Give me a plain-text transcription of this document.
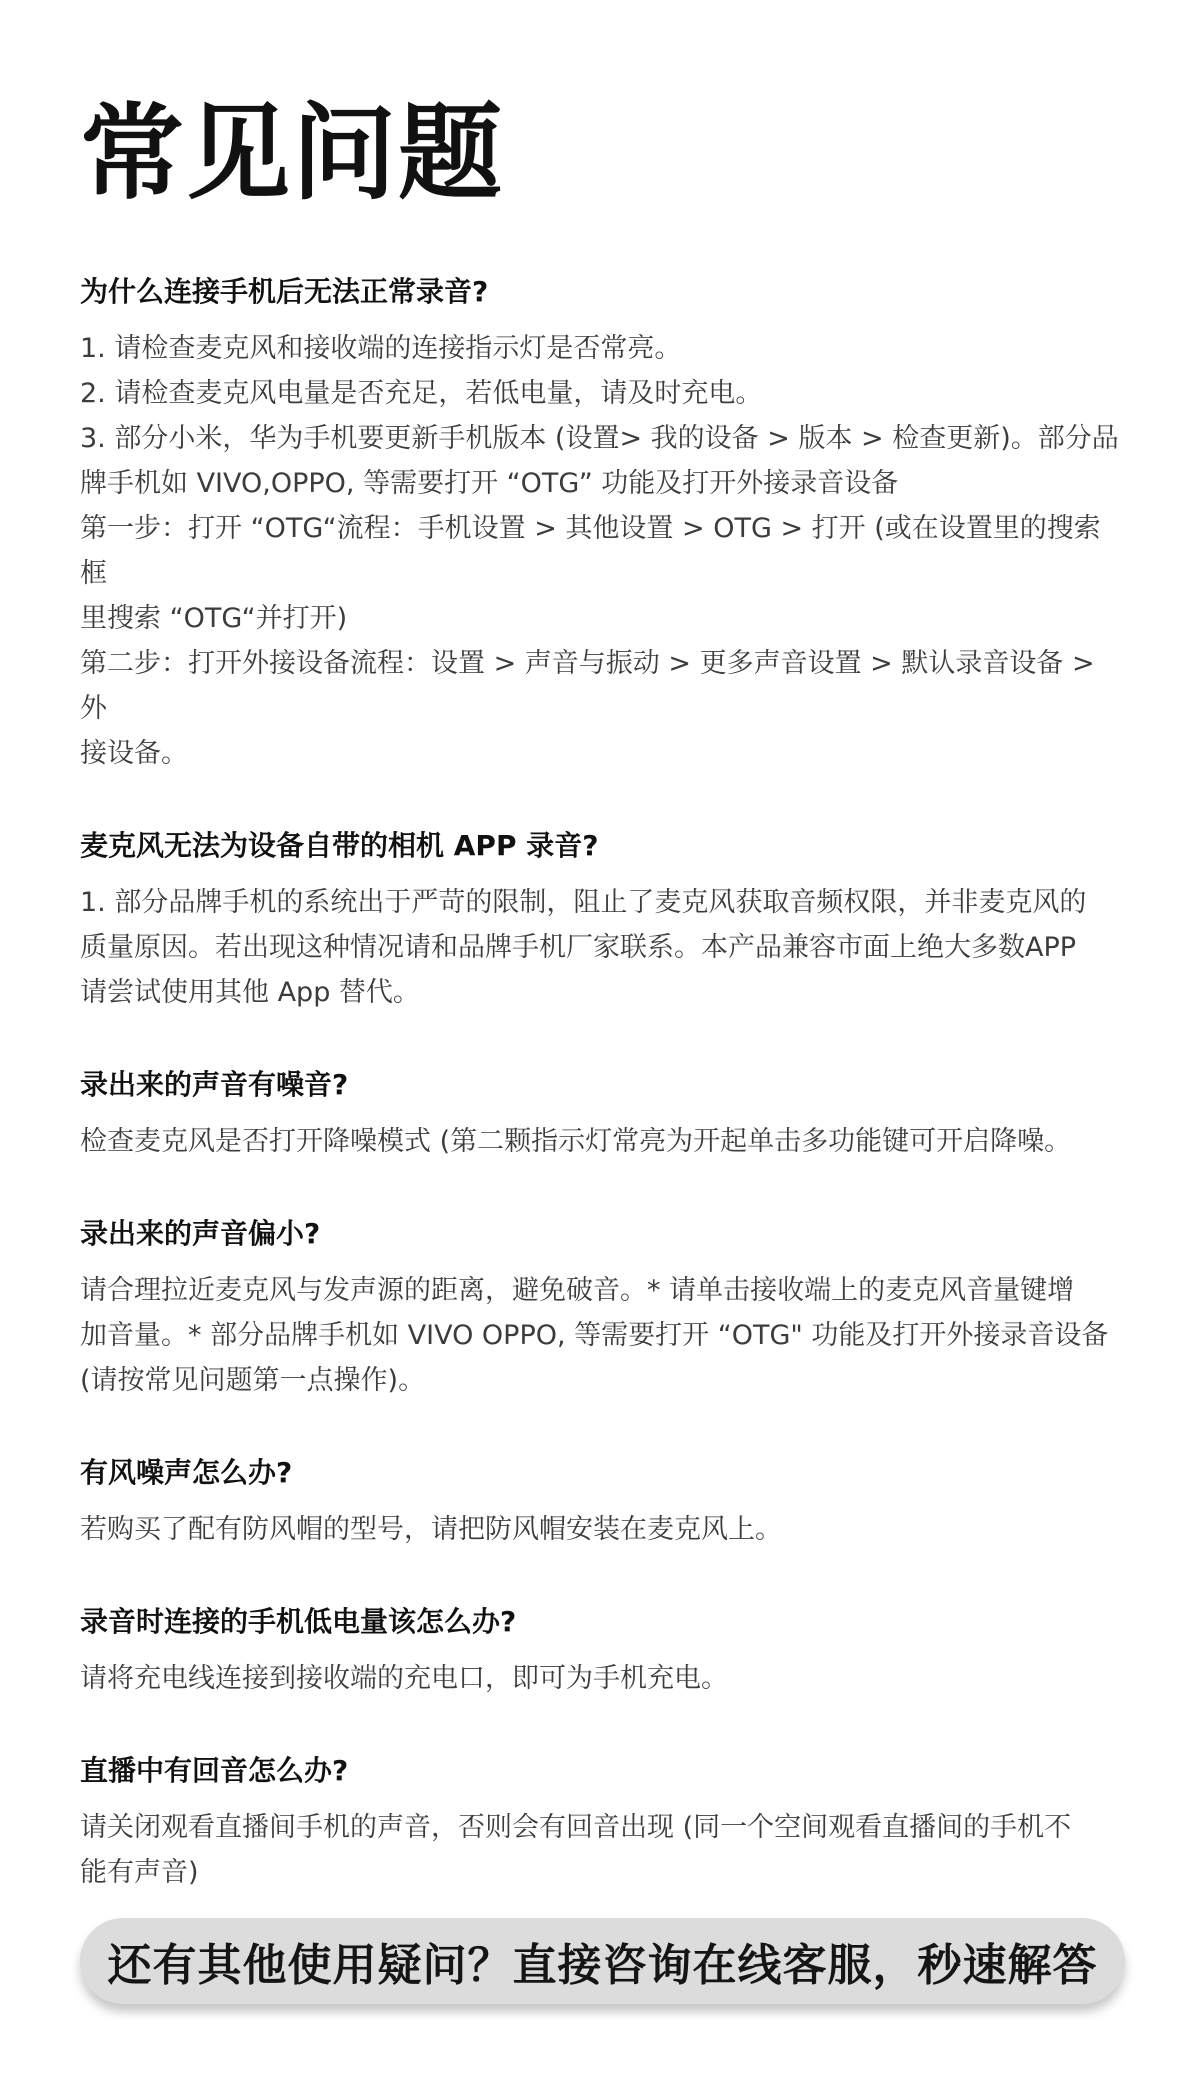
常见问题
为什么连接手机后无法正常录音?

1. 请检查麦克风和接收端的连接指示灯是否常亮。

2. 请检查麦克风电量是否充足，若低电量，请及时充电。

3. 部分小米，华为手机要更新手机版本 (设置> 我的设备 > 版本 > 检查更新)。部分品

牌手机如 VIVO,OPPO, 等需要打开 “OTG” 功能及打开外接录音设备

第一步：打开 “OTG“流程：手机设置 > 其他设置 > OTG > 打开 (或在设置里的搜索框

里搜索 “OTG“并打开)

第二步：打开外接设备流程：设置 > 声音与振动 > 更多声音设置 > 默认录音设备 > 外

接设备。

麦克风无法为设备自带的相机 APP 录音?

1. 部分品牌手机的系统出于严苛的限制，阻止了麦克风获取音频权限，并非麦克风的

质量原因。若出现这种情况请和品牌手机厂家联系。本产品兼容市面上绝大多数APP

请尝试使用其他 App 替代。

录出来的声音有噪音?

检查麦克风是否打开降噪模式 (第二颗指示灯常亮为开起单击多功能键可开启降噪。

录出来的声音偏小?

请合理拉近麦克风与发声源的距离，避免破音。* 请单击接收端上的麦克风音量键增

加音量。* 部分品牌手机如 VIVO OPPO, 等需要打开 “OTG" 功能及打开外接录音设备

(请按常见问题第一点操作)。

有风噪声怎么办?

若购买了配有防风帽的型号，请把防风帽安装在麦克风上。

录音时连接的手机低电量该怎么办?

请将充电线连接到接收端的充电口，即可为手机充电。

直播中有回音怎么办?

请关闭观看直播间手机的声音，否则会有回音出现 (同一个空间观看直播间的手机不

能有声音)

还有其他使用疑问？直接咨询在线客服，秒速解答
